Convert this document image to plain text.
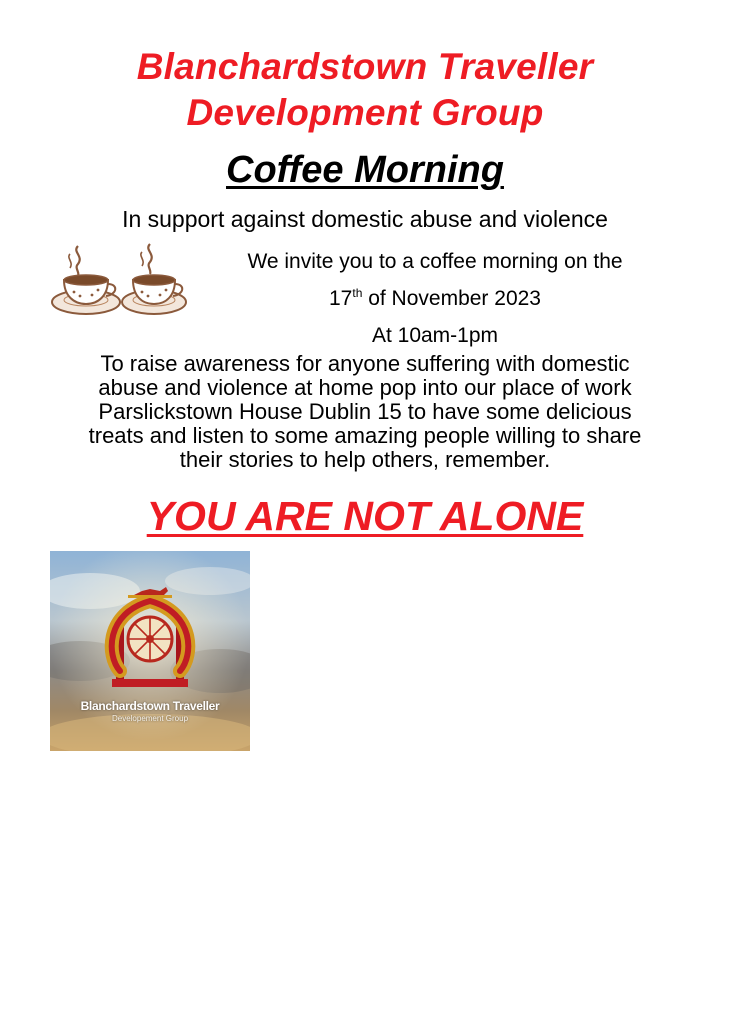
Blanchardstown Traveller
Development Group
Coffee Morning
In support against domestic abuse and violence
We invite you to a coffee morning on the
17th of November 2023
At 10am-1pm
To raise awareness for anyone suffering with domestic
abuse and violence at home pop into our place of work
Parslickstown House Dublin 15 to have some delicious
treats and listen to some amazing people willing to share
their stories to help others, remember.
YOU ARE NOT ALONE
Blanchardstown Traveller
Developement Group
